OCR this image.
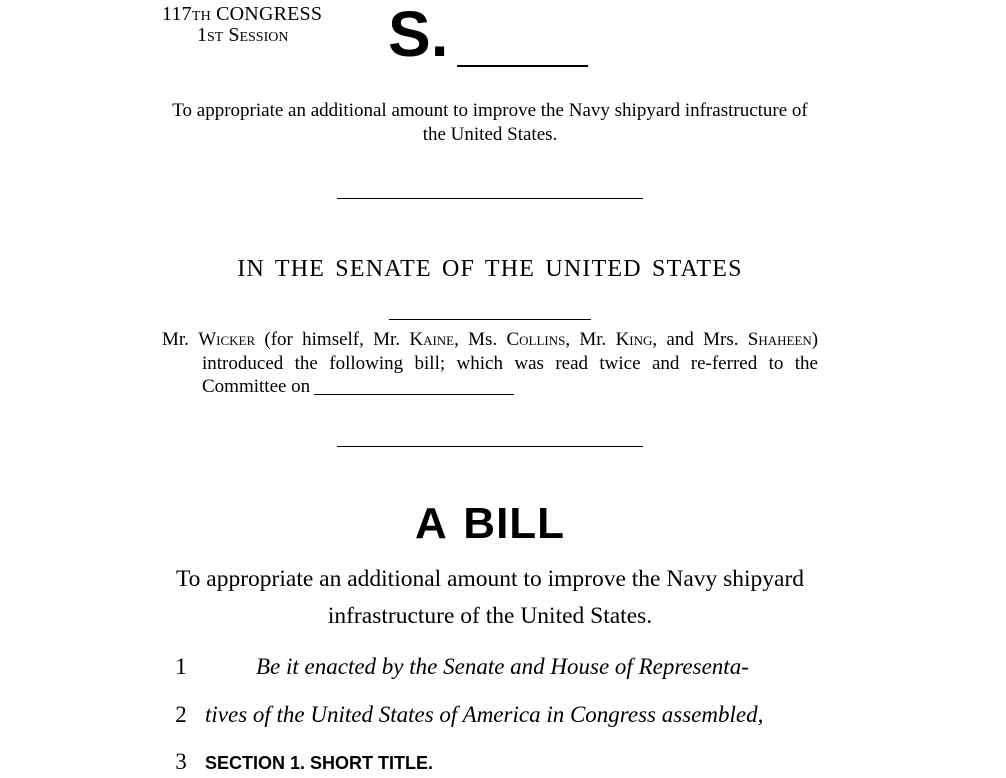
117th CONGRESS
1st Session S.
To appropriate an additional amount to improve the Navy shipyard infrastructure of the United States.
IN THE SENATE OF THE UNITED STATES
Mr. Wicker (for himself, Mr. Kaine, Ms. Collins, Mr. King, and Mrs. Shaheen) introduced the following bill; which was read twice and re-ferred to the Committee on
A BILL
To appropriate an additional amount to improve the Navy shipyard infrastructure of the United States.
1	Be it enacted by the Senate and House of Representa-
2 tives of the United States of America in Congress assembled,
3	SECTION 1. SHORT TITLE.
